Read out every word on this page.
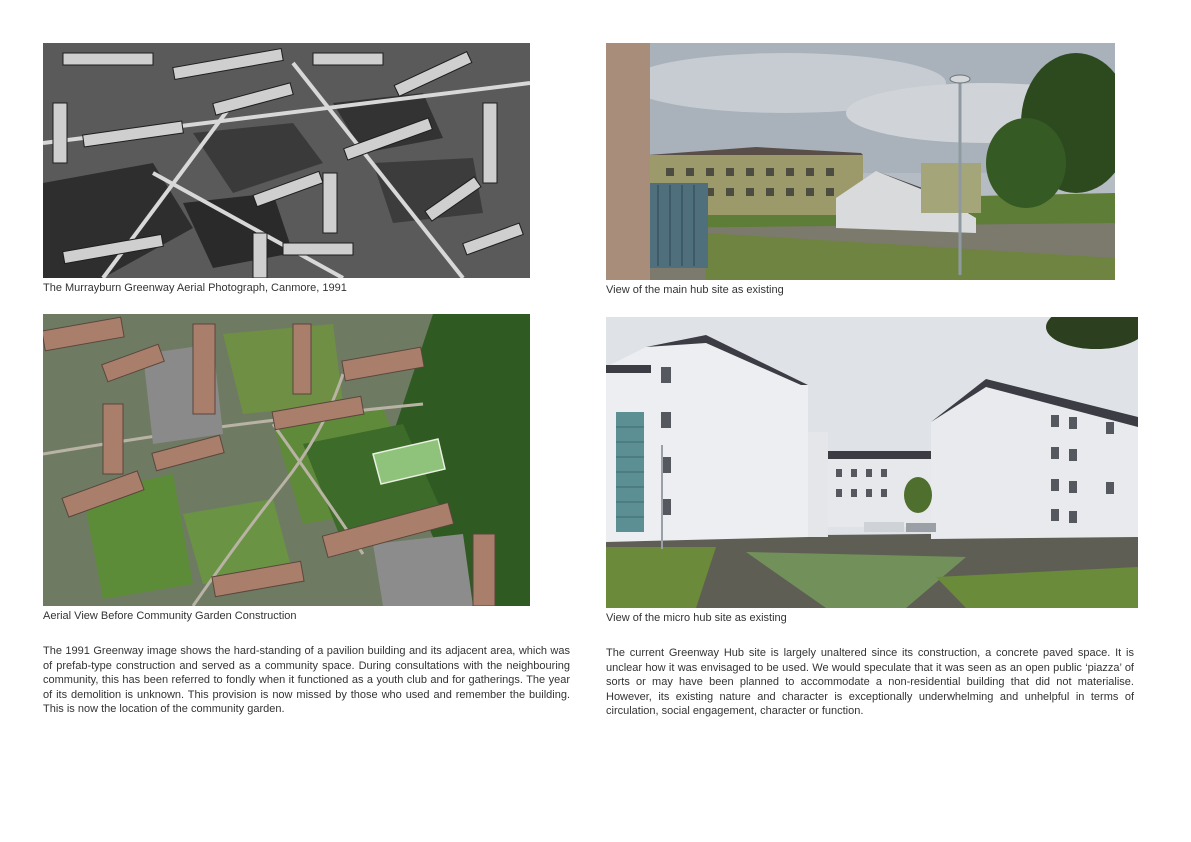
The Murrayburn Greenway Aerial Photograph, Canmore, 1991

Aerial View Before Community Garden Construction

View of the main hub site as existing

View of the micro hub site as existing

The 1991 Greenway image shows the hard-standing of a pavilion building and its adjacent area, which was of prefab-type construction and served as a community space. During consultations with the neighbouring community, this has been referred to fondly when it functioned as a youth club and for gatherings. The year of its demolition is unknown. This provision is now missed by those who used and remember the building. This is now the location of the community garden.

The current Greenway Hub site is largely unaltered since its construction, a concrete paved space. It is unclear how it was envisaged to be used. We would speculate that it was seen as an open public ‘piazza’ of sorts or may have been planned to accommodate a non-residential building that did not materialise. However, its existing nature and character is exceptionally underwhelming and unhelpful in terms of circulation, social engagement, character or function.
